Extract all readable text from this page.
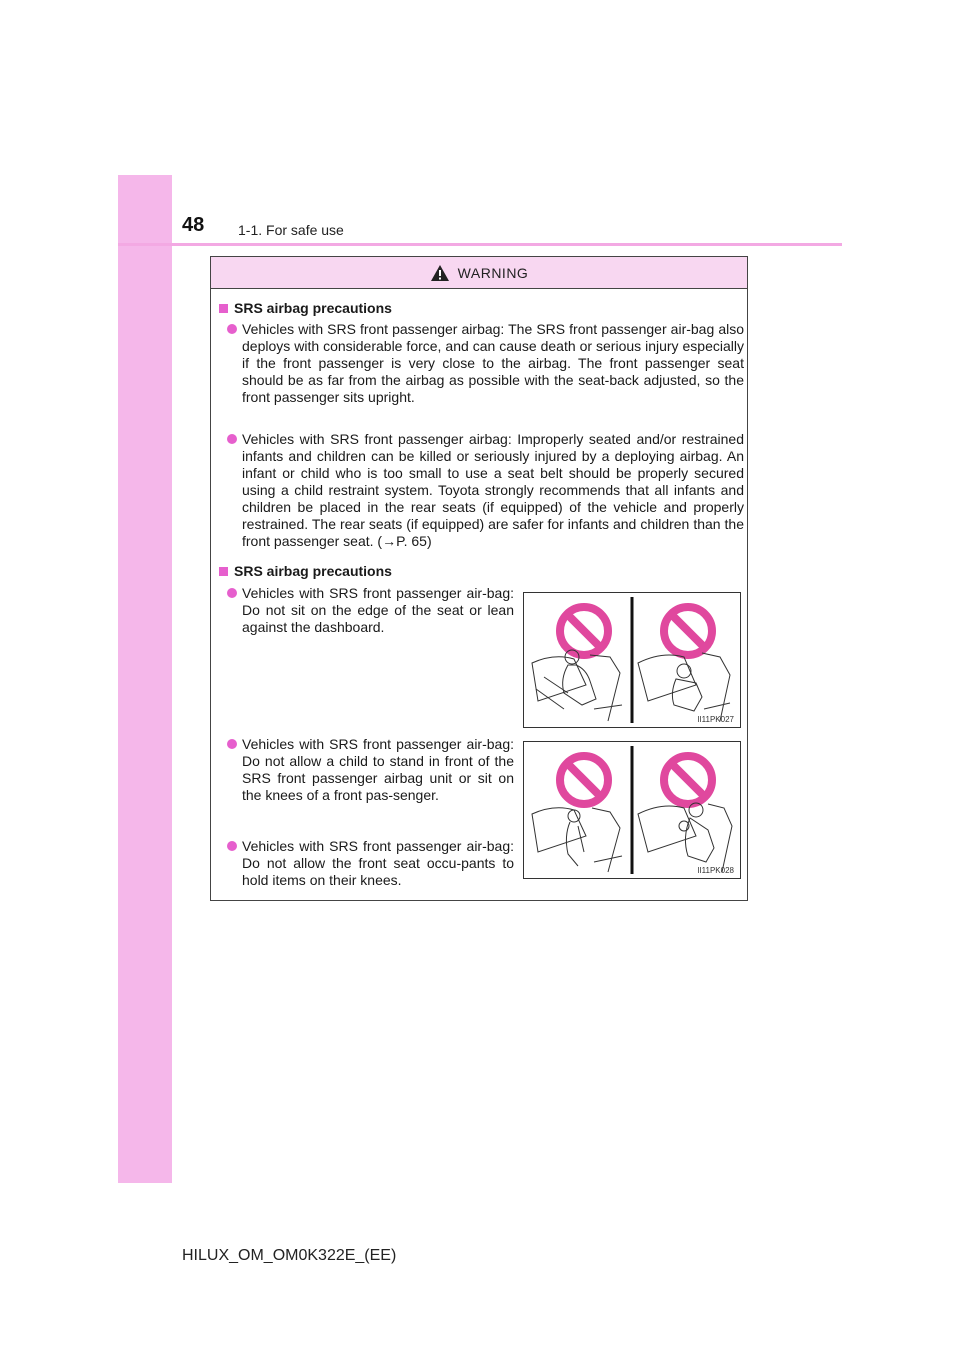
48 1-1. For safe use
WARNING
SRS airbag precautions
Vehicles with SRS front passenger airbag: The SRS front passenger air-bag also deploys with considerable force, and can cause death or serious injury especially if the front passenger is very close to the airbag. The front passenger seat should be as far from the airbag as possible with the seat-back adjusted, so the front passenger sits upright.
Vehicles with SRS front passenger airbag: Improperly seated and/or restrained infants and children can be killed or seriously injured by a deploying airbag. An infant or child who is too small to use a seat belt should be properly secured using a child restraint system. Toyota strongly recommends that all infants and children be placed in the rear seats (if equipped) of the vehicle and properly restrained. The rear seats (if equipped) are safer for infants and children than the front passenger seat. (→P. 65)
SRS airbag precautions
Vehicles with SRS front passenger air-bag: Do not sit on the edge of the seat or lean against the dashboard.
Vehicles with SRS front passenger air-bag: Do not allow a child to stand in front of the SRS front passenger airbag unit or sit on the knees of a front pas-senger.
Vehicles with SRS front passenger air-bag: Do not allow the front seat occu-pants to hold items on their knees.
II11PK027
II11PK028
HILUX_OM_OM0K322E_(EE)
